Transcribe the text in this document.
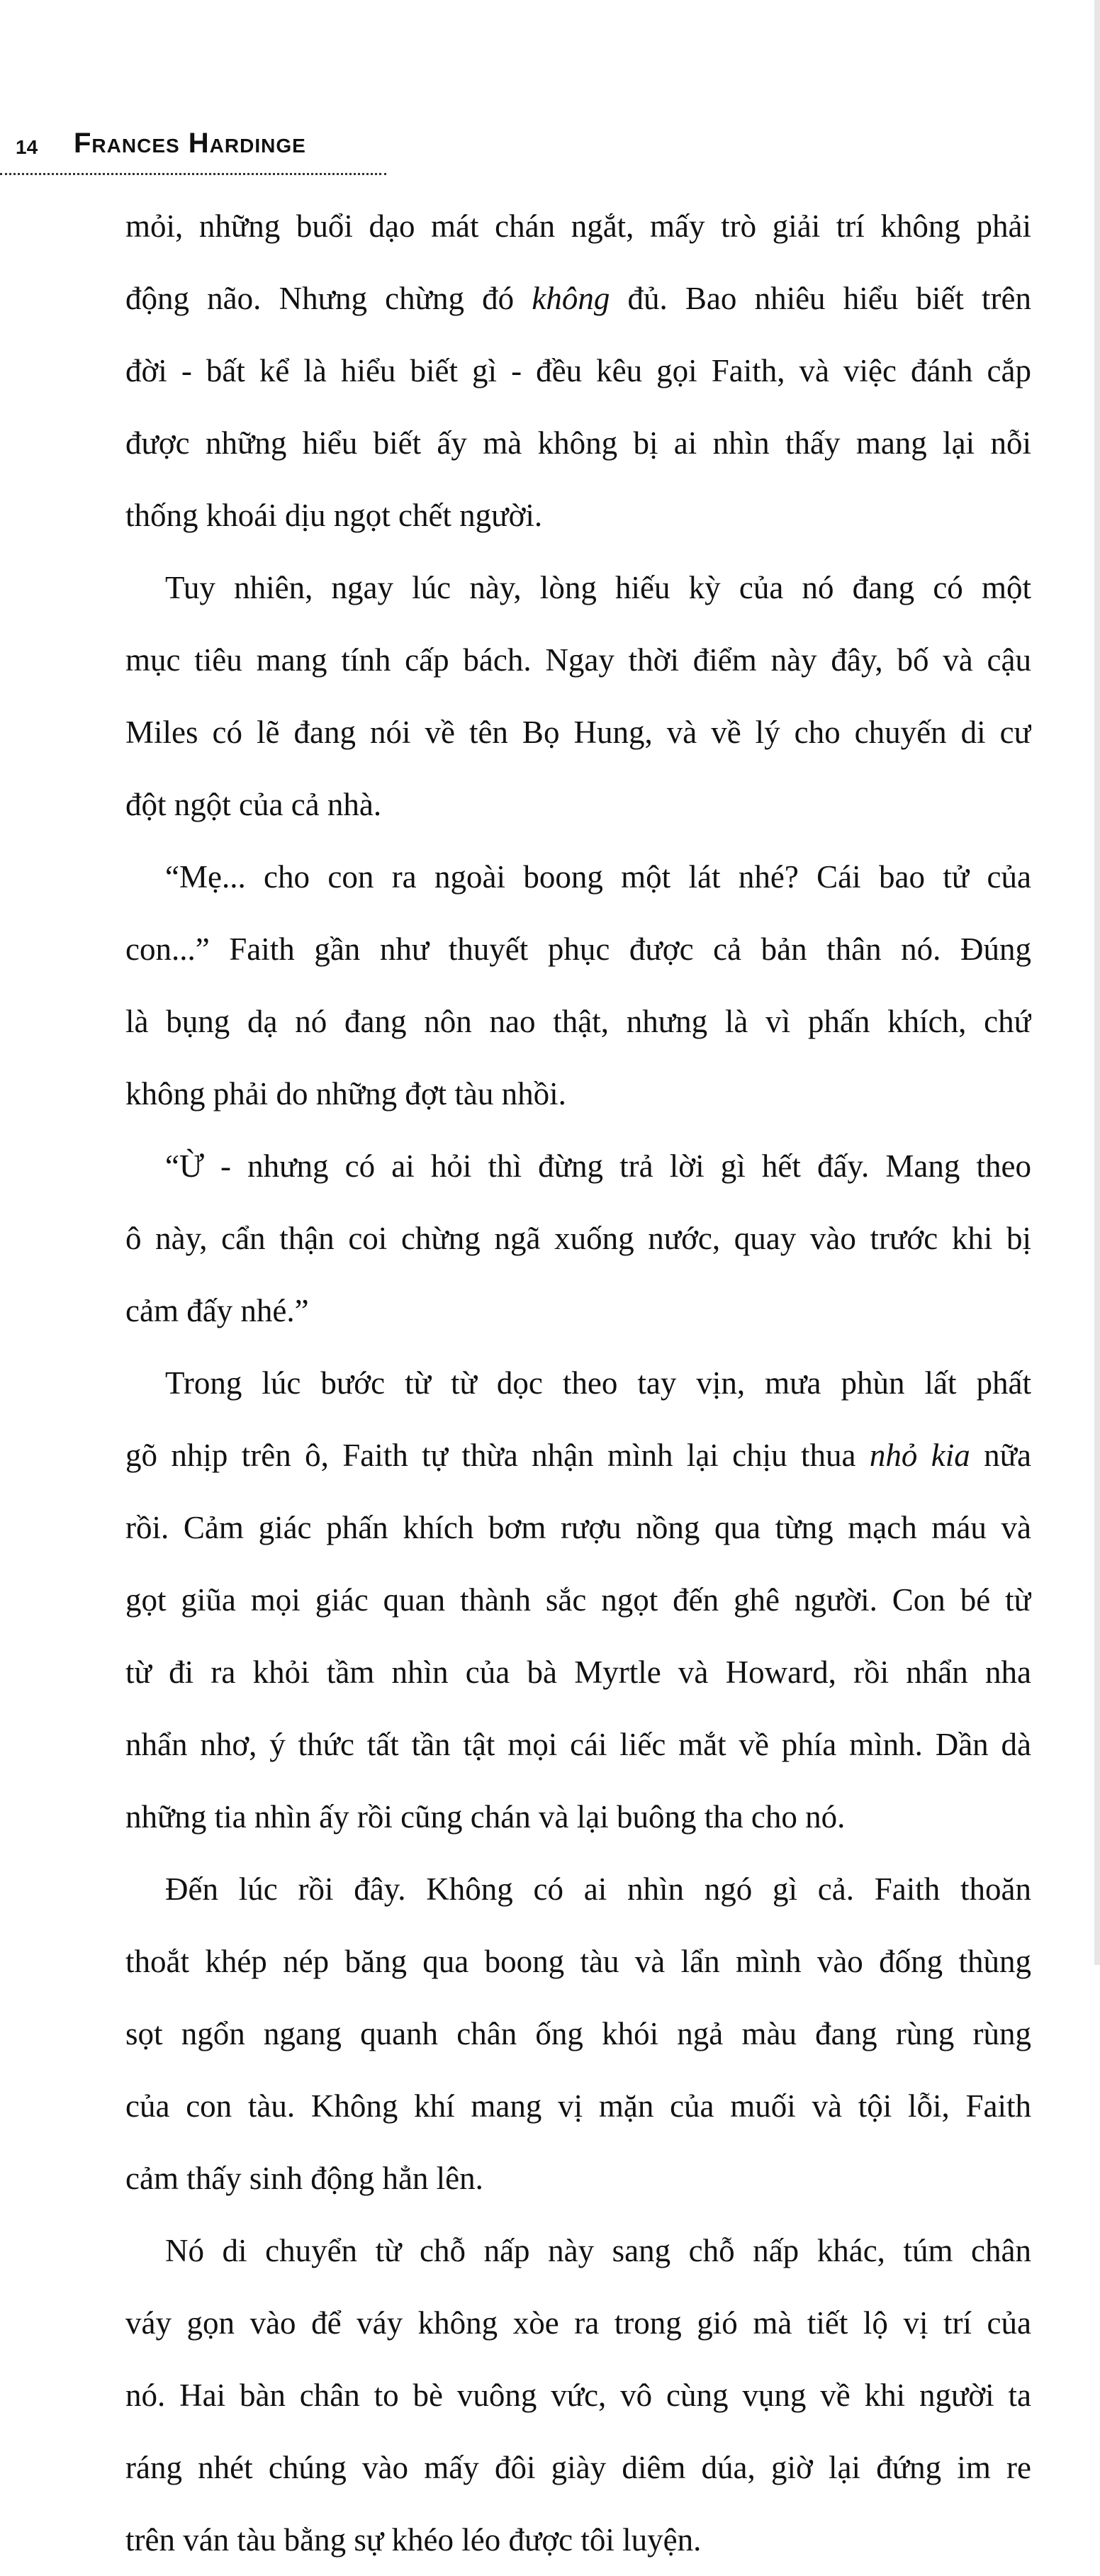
14 Frances Hardinge
mỏi, những buổi dạo mát chán ngắt, mấy trò giải trí không phải
động não. Nhưng chừng đó không đủ. Bao nhiêu hiểu biết trên
đời - bất kể là hiểu biết gì - đều kêu gọi Faith, và việc đánh cắp
được những hiểu biết ấy mà không bị ai nhìn thấy mang lại nỗi
thống khoái dịu ngọt chết người.
Tuy nhiên, ngay lúc này, lòng hiếu kỳ của nó đang có một
mục tiêu mang tính cấp bách. Ngay thời điểm này đây, bố và cậu
Miles có lẽ đang nói về tên Bọ Hung, và về lý cho chuyến di cư
đột ngột của cả nhà.
“Mẹ... cho con ra ngoài boong một lát nhé? Cái bao tử của
con...” Faith gần như thuyết phục được cả bản thân nó. Đúng
là bụng dạ nó đang nôn nao thật, nhưng là vì phấn khích, chứ
không phải do những đợt tàu nhồi.
“Ừ - nhưng có ai hỏi thì đừng trả lời gì hết đấy. Mang theo
ô này, cẩn thận coi chừng ngã xuống nước, quay vào trước khi bị
cảm đấy nhé.”
Trong lúc bước từ từ dọc theo tay vịn, mưa phùn lất phất
gõ nhịp trên ô, Faith tự thừa nhận mình lại chịu thua nhỏ kia nữa
rồi. Cảm giác phấn khích bơm rượu nồng qua từng mạch máu và
gọt giũa mọi giác quan thành sắc ngọt đến ghê người. Con bé từ
từ đi ra khỏi tầm nhìn của bà Myrtle và Howard, rồi nhẩn nha
nhẩn nhơ, ý thức tất tần tật mọi cái liếc mắt về phía mình. Dần dà
những tia nhìn ấy rồi cũng chán và lại buông tha cho nó.
Đến lúc rồi đây. Không có ai nhìn ngó gì cả. Faith thoăn
thoắt khép nép băng qua boong tàu và lẩn mình vào đống thùng
sọt ngổn ngang quanh chân ống khói ngả màu đang rùng rùng
của con tàu. Không khí mang vị mặn của muối và tội lỗi, Faith
cảm thấy sinh động hẳn lên.
Nó di chuyển từ chỗ nấp này sang chỗ nấp khác, túm chân
váy gọn vào để váy không xòe ra trong gió mà tiết lộ vị trí của
nó. Hai bàn chân to bè vuông vức, vô cùng vụng về khi người ta
ráng nhét chúng vào mấy đôi giày diêm dúa, giờ lại đứng im re
trên ván tàu bằng sự khéo léo được tôi luyện.
